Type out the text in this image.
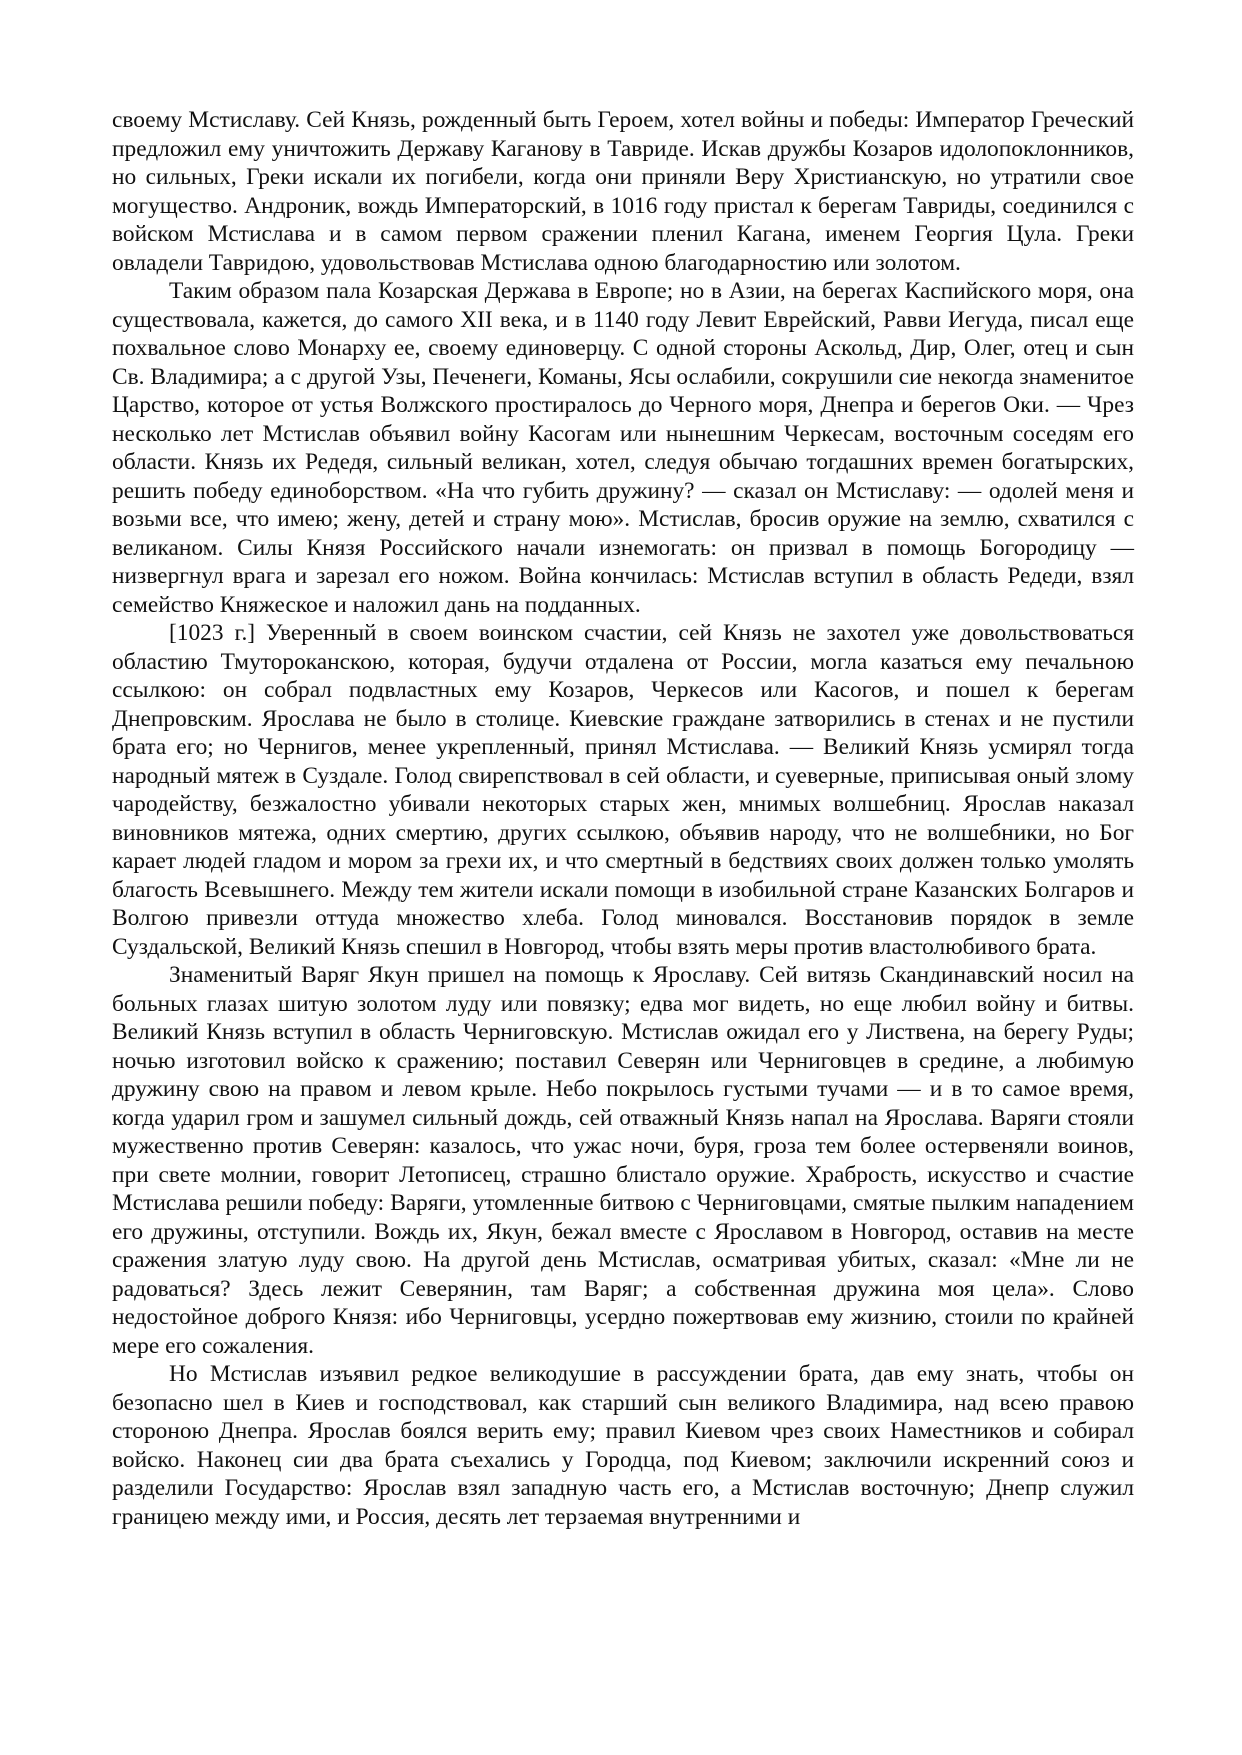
своему Мстиславу. Сей Князь, рожденный быть Героем, хотел войны и победы: Император Греческий предложил ему уничтожить Державу Каганову в Тавриде. Искав дружбы Козаров идолопоклонников, но сильных, Греки искали их погибели, когда они приняли Веру Христианскую, но утратили свое могущество. Андроник, вождь Императорский, в 1016 году пристал к берегам Тавриды, соединился с войском Мстислава и в самом первом сражении пленил Кагана, именем Георгия Цула. Греки овладели Тавридою, удовольствовав Мстислава одною благодарностию или золотом.

Таким образом пала Козарская Держава в Европе; но в Азии, на берегах Каспийского моря, она существовала, кажется, до самого XII века, и в 1140 году Левит Еврейский, Равви Иегуда, писал еще похвальное слово Монарху ее, своему единоверцу. С одной стороны Аскольд, Дир, Олег, отец и сын Св. Владимира; а с другой Узы, Печенеги, Команы, Ясы ослабили, сокрушили сие некогда знаменитое Царство, которое от устья Волжского простиралось до Черного моря, Днепра и берегов Оки. — Чрез несколько лет Мстислав объявил войну Касогам или нынешним Черкесам, восточным соседям его области. Князь их Редедя, сильный великан, хотел, следуя обычаю тогдашних времен богатырских, решить победу единоборством. «На что губить дружину? — сказал он Мстиславу: — одолей меня и возьми все, что имею; жену, детей и страну мою». Мстислав, бросив оружие на землю, схватился с великаном. Силы Князя Российского начали изнемогать: он призвал в помощь Богородицу — низвергнул врага и зарезал его ножом. Война кончилась: Мстислав вступил в область Редеди, взял семейство Княжеское и наложил дань на подданных.

[1023 г.] Уверенный в своем воинском счастии, сей Князь не захотел уже довольствоваться областию Тмутороканскою, которая, будучи отдалена от России, могла казаться ему печальною ссылкою: он собрал подвластных ему Козаров, Черкесов или Касогов, и пошел к берегам Днепровским. Ярослава не было в столице. Киевские граждане затворились в стенах и не пустили брата его; но Чернигов, менее укрепленный, принял Мстислава. — Великий Князь усмирял тогда народный мятеж в Суздале. Голод свирепствовал в сей области, и суеверные, приписывая оный злому чародейству, безжалостно убивали некоторых старых жен, мнимых волшебниц. Ярослав наказал виновников мятежа, одних смертию, других ссылкою, объявив народу, что не волшебники, но Бог карает людей гладом и мором за грехи их, и что смертный в бедствиях своих должен только умолять благость Всевышнего. Между тем жители искали помощи в изобильной стране Казанских Болгаров и Волгою привезли оттуда множество хлеба. Голод миновался. Восстановив порядок в земле Суздальской, Великий Князь спешил в Новгород, чтобы взять меры против властолюбивого брата.

Знаменитый Варяг Якун пришел на помощь к Ярославу. Сей витязь Скандинавский носил на больных глазах шитую золотом луду или повязку; едва мог видеть, но еще любил войну и битвы. Великий Князь вступил в область Черниговскую. Мстислав ожидал его у Листвена, на берегу Руды; ночью изготовил войско к сражению; поставил Северян или Черниговцев в средине, а любимую дружину свою на правом и левом крыле. Небо покрылось густыми тучами — и в то самое время, когда ударил гром и зашумел сильный дождь, сей отважный Князь напал на Ярослава. Варяги стояли мужественно против Северян: казалось, что ужас ночи, буря, гроза тем более остервеняли воинов, при свете молнии, говорит Летописец, страшно блистало оружие. Храбрость, искусство и счастие Мстислава решили победу: Варяги, утомленные битвою с Черниговцами, смятые пылким нападением его дружины, отступили. Вождь их, Якун, бежал вместе с Ярославом в Новгород, оставив на месте сражения златую луду свою. На другой день Мстислав, осматривая убитых, сказал: «Мне ли не радоваться? Здесь лежит Северянин, там Варяг; а собственная дружина моя цела». Слово недостойное доброго Князя: ибо Черниговцы, усердно пожертвовав ему жизнию, стоили по крайней мере его сожаления.

Но Мстислав изъявил редкое великодушие в рассуждении брата, дав ему знать, чтобы он безопасно шел в Киев и господствовал, как старший сын великого Владимира, над всею правою стороною Днепра. Ярослав боялся верить ему; правил Киевом чрез своих Наместников и собирал войско. Наконец сии два брата съехались у Городца, под Киевом; заключили искренний союз и разделили Государство: Ярослав взял западную часть его, а Мстислав восточную; Днепр служил границею между ими, и Россия, десять лет терзаемая внутренними и
